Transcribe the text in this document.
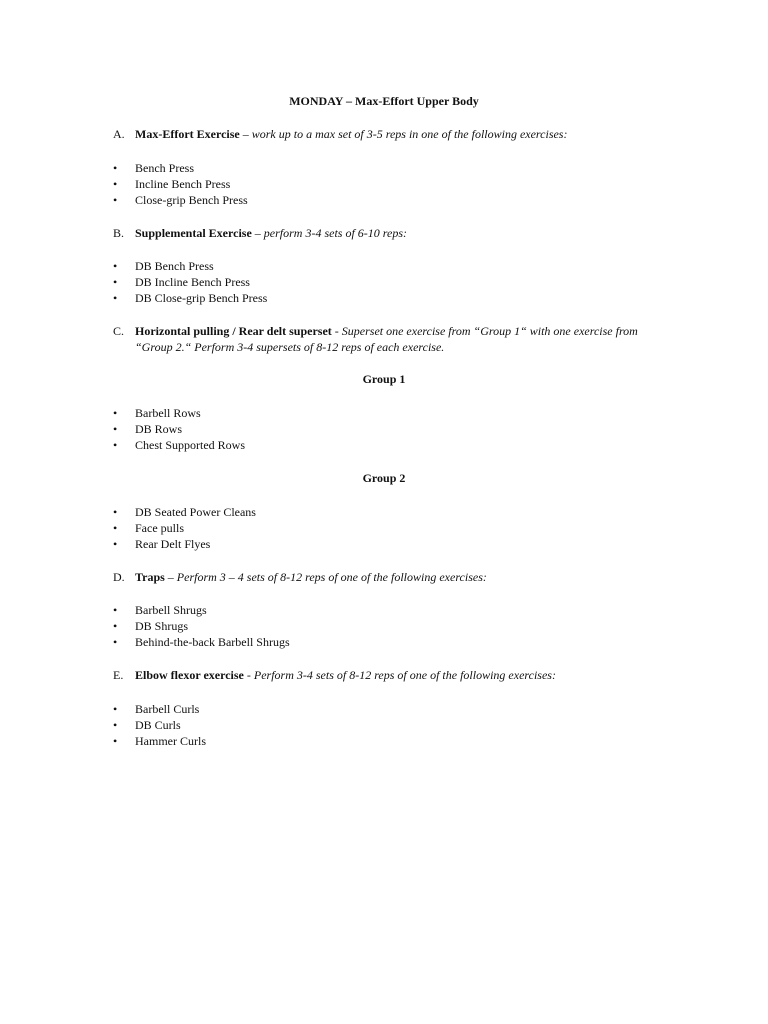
MONDAY – Max-Effort Upper Body
A. Max-Effort Exercise – work up to a max set of 3-5 reps in one of the following exercises:
•	Bench Press
•	Incline Bench Press
•	Close-grip Bench Press
B. Supplemental Exercise – perform 3-4 sets of 6-10 reps:
•	DB Bench Press
•	DB Incline Bench Press
•	DB Close-grip Bench Press
C. Horizontal pulling / Rear delt superset - Superset one exercise from “Group 1“ with one exercise from “Group 2.“ Perform 3-4 supersets of 8-12 reps of each exercise.
Group 1
•	Barbell Rows
•	DB Rows
•	Chest Supported Rows
Group 2
•	DB Seated Power Cleans
•	Face pulls
•	Rear Delt Flyes
D. Traps – Perform 3 – 4 sets of 8-12 reps of one of the following exercises:
•	Barbell Shrugs
•	DB Shrugs
•	Behind-the-back Barbell Shrugs
E. Elbow flexor exercise - Perform 3-4 sets of 8-12 reps of one of the following exercises:
•	Barbell Curls
•	DB Curls
•	Hammer Curls
